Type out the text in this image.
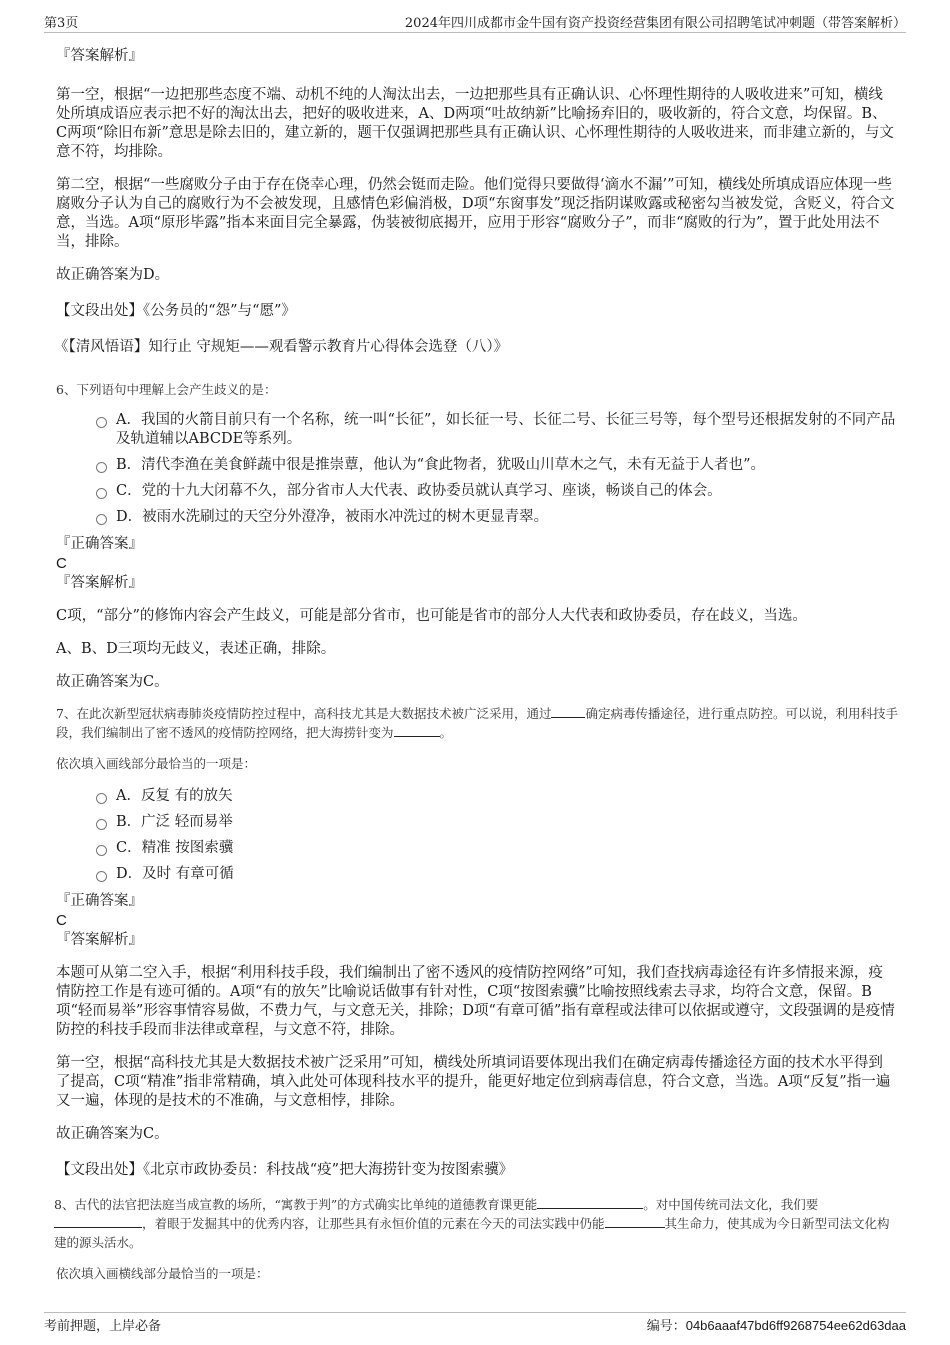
第3页	2024年四川成都市金牛国有资产投资经营集团有限公司招聘笔试冲刺题（带答案解析）

『答案解析』

第一空，根据“一边把那些态度不端、动机不纯的人淘汰出去，一边把那些具有正确认识、心怀理性期待的人吸收进来”可知，横线处所填成语应表示把不好的淘汰出去，把好的吸收进来，A、D两项“吐故纳新”比喻扬弃旧的，吸收新的，符合文意，均保留。B、C两项“除旧布新”意思是除去旧的，建立新的，题干仅强调把那些具有正确认识、心怀理性期待的人吸收进来，而非建立新的，与文意不符，均排除。

第二空，根据“一些腐败分子由于存在侥幸心理，仍然会铤而走险。他们觉得只要做得‘滴水不漏’”可知，横线处所填成语应体现一些腐败分子认为自己的腐败行为不会被发现，且感情色彩偏消极，D项“东窗事发”现泛指阴谋败露或秘密勾当被发觉，含贬义，符合文意，当选。A项“原形毕露”指本来面目完全暴露，伪装被彻底揭开，应用于形容“腐败分子”，而非“腐败的行为”，置于此处用法不当，排除。

故正确答案为D。

【文段出处】《公务员的“怨”与“愿”》

《【清风悟语】知行止 守规矩——观看警示教育片心得体会选登（八）》

6、下列语句中理解上会产生歧义的是：

A．我国的火箭目前只有一个名称，统一叫“长征”，如长征一号、长征二号、长征三号等，每个型号还根据发射的不同产品及轨道辅以ABCDE等系列。
B．清代李渔在美食鲜蔬中很是推崇蕈，他认为“食此物者，犹吸山川草木之气，未有无益于人者也”。
C．党的十九大闭幕不久，部分省市人大代表、政协委员就认真学习、座谈，畅谈自己的体会。
D．被雨水洗刷过的天空分外澄净，被雨水冲洗过的树木更显青翠。

『正确答案』

C

『答案解析』

C项，“部分”的修饰内容会产生歧义，可能是部分省市，也可能是省市的部分人大代表和政协委员，存在歧义，当选。

A、B、D三项均无歧义，表述正确，排除。

故正确答案为C。

7、在此次新型冠状病毒肺炎疫情防控过程中，高科技尤其是大数据技术被广泛采用，通过	确定病毒传播途径，进行重点防控。可以说，利用科技手段，我们编制出了密不透风的疫情防控网络，把大海捞针变为	。

依次填入画线部分最恰当的一项是：

A．反复 有的放矢
B．广泛 轻而易举
C．精准 按图索骥
D．及时 有章可循

『正确答案』

C

『答案解析』

本题可从第二空入手，根据“利用科技手段，我们编制出了密不透风的疫情防控网络”可知，我们查找病毒途径有许多情报来源，疫情防控工作是有迹可循的。A项“有的放矢”比喻说话做事有针对性，C项“按图索骥”比喻按照线索去寻求，均符合文意，保留。B项“轻而易举”形容事情容易做，不费力气，与文意无关，排除；D项“有章可循”指有章程或法律可以依据或遵守，文段强调的是疫情防控的科技手段而非法律或章程，与文意不符，排除。

第一空，根据“高科技尤其是大数据技术被广泛采用”可知，横线处所填词语要体现出我们在确定病毒传播途径方面的技术水平得到了提高，C项“精准”指非常精确，填入此处可体现科技水平的提升，能更好地定位到病毒信息，符合文意，当选。A项“反复”指一遍又一遍，体现的是技术的不准确，与文意相悖，排除。

故正确答案为C。

【文段出处】《北京市政协委员：科技战“疫”把大海捞针变为按图索骥》

8、古代的法官把法庭当成宣教的场所，“寓教于判”的方式确实比单纯的道德教育课更能	。对中国传统司法文化，我们要，着眼于发掘其中的优秀内容，让那些具有永恒价值的元素在今天的司法实践中仍能	其生命力，使其成为今日新型司法文化构建的源头活水。

依次填入画横线部分最恰当的一项是：

考前押题，上岸必备	编号：04b6aaaf47bd6ff9268754ee62d63daa
